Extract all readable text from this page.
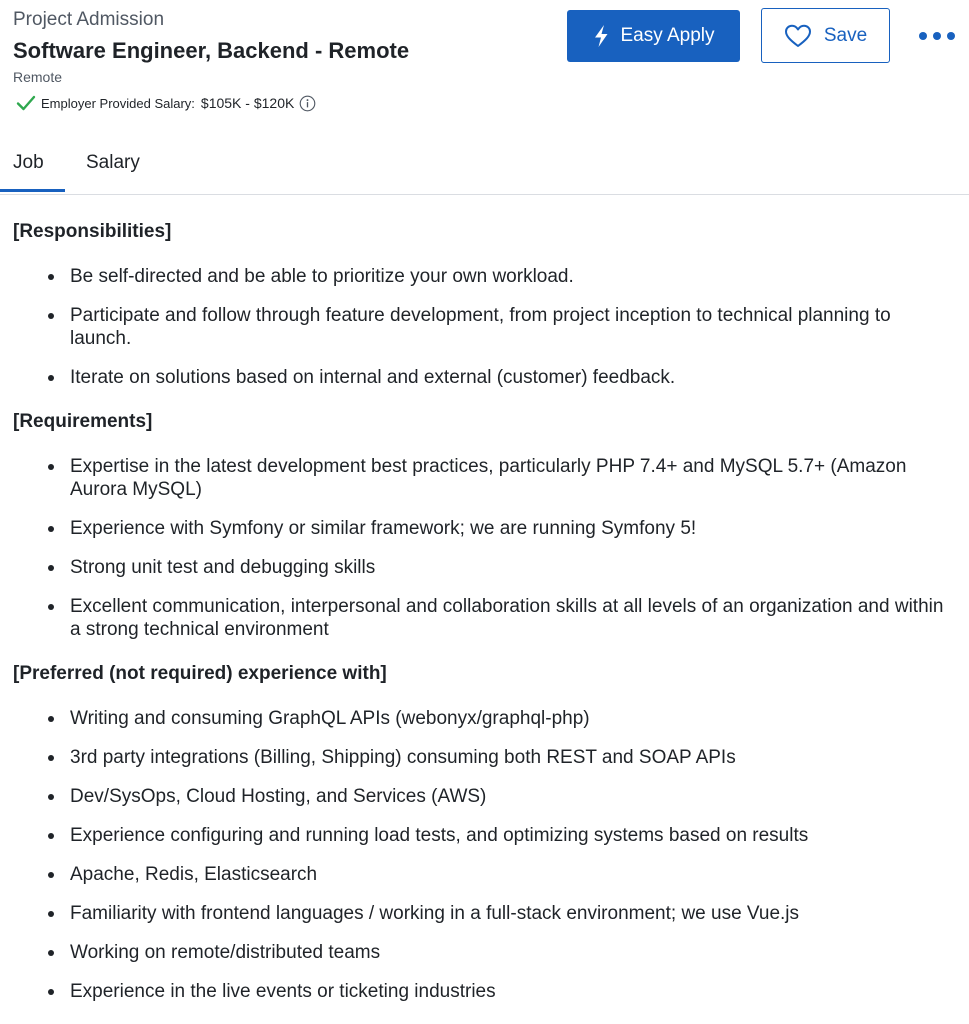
Project Admission
Software Engineer, Backend - Remote
Remote
Employer Provided Salary: $105K - $120K
Easy Apply	Save
Job Salary
[Responsibilities]
Be self-directed and be able to prioritize your own workload.
Participate and follow through feature development, from project inception to technical planning to launch.
Iterate on solutions based on internal and external (customer) feedback.
[Requirements]
Expertise in the latest development best practices, particularly PHP 7.4+ and MySQL 5.7+ (Amazon Aurora MySQL)
Experience with Symfony or similar framework; we are running Symfony 5!
Strong unit test and debugging skills
Excellent communication, interpersonal and collaboration skills at all levels of an organization and within a strong technical environment
[Preferred (not required) experience with]
Writing and consuming GraphQL APIs (webonyx/graphql-php)
3rd party integrations (Billing, Shipping) consuming both REST and SOAP APIs
Dev/SysOps, Cloud Hosting, and Services (AWS)
Experience configuring and running load tests, and optimizing systems based on results
Apache, Redis, Elasticsearch
Familiarity with frontend languages / working in a full-stack environment; we use Vue.js
Working on remote/distributed teams
Experience in the live events or ticketing industries
